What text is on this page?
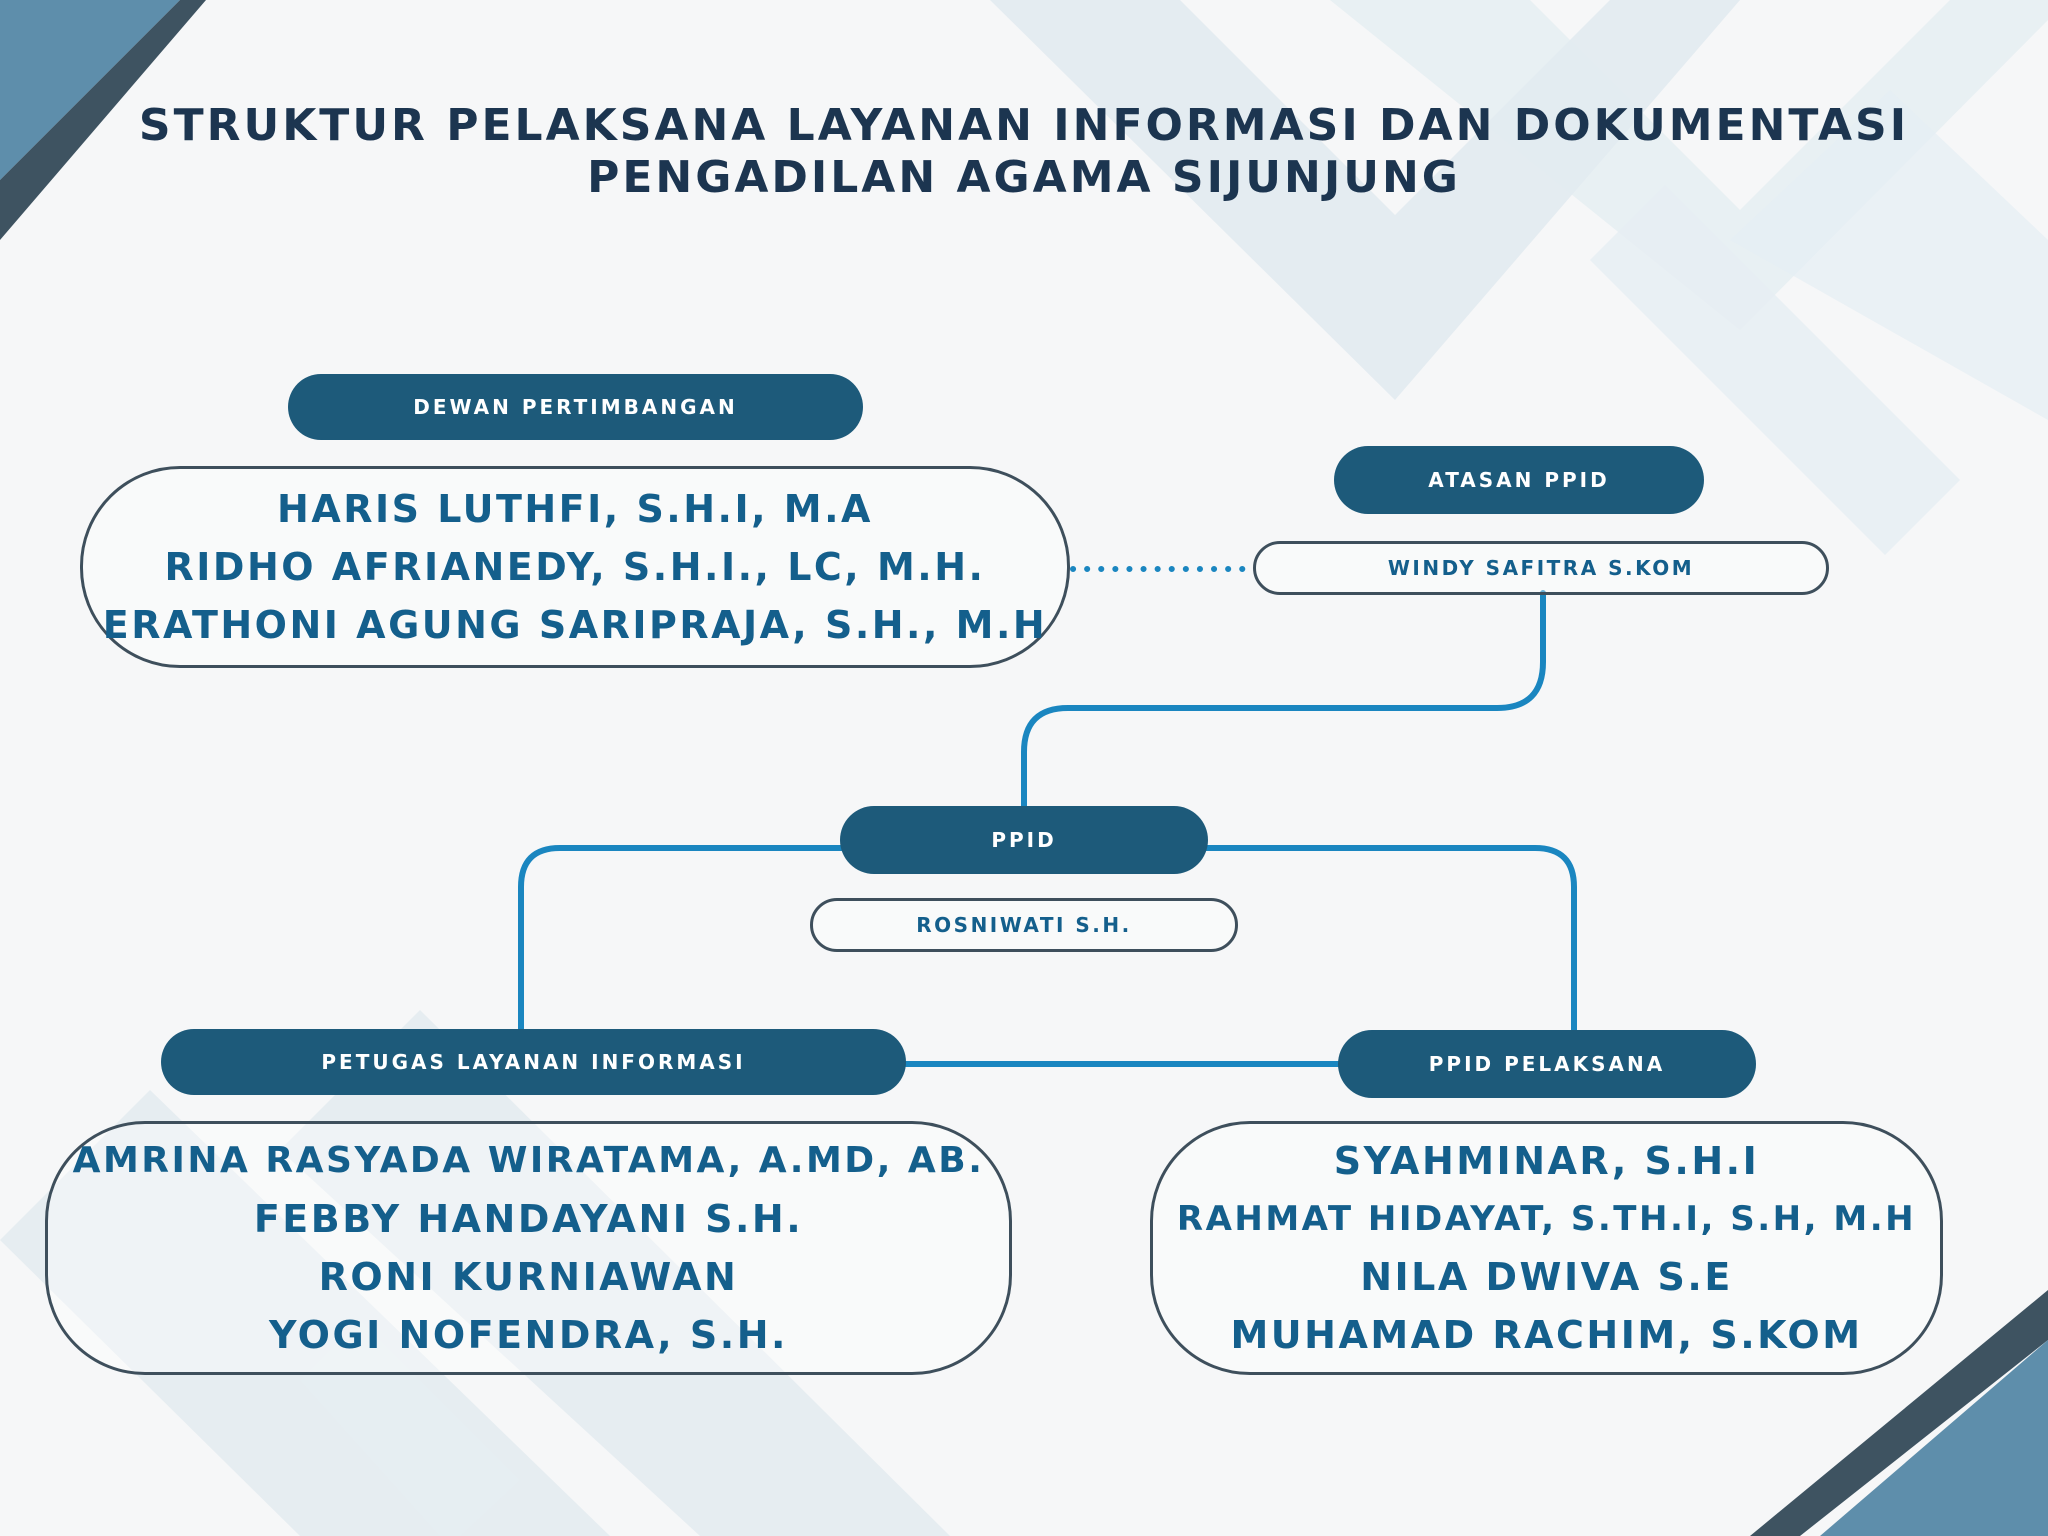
STRUKTUR PELAKSANA LAYANAN INFORMASI DAN DOKUMENTASI
PENGADILAN AGAMA SIJUNJUNG
DEWAN PERTIMBANGAN
HARIS LUTHFI, S.H.I, M.A
RIDHO AFRIANEDY, S.H.I., LC, M.H.
ERATHONI AGUNG SARIPRAJA, S.H., M.H
ATASAN PPID
WINDY SAFITRA S.KOM
PPID
ROSNIWATI S.H.
PETUGAS LAYANAN INFORMASI
AMRINA RASYADA WIRATAMA, A.MD, AB.
FEBBY HANDAYANI S.H.
RONI KURNIAWAN
YOGI NOFENDRA, S.H.
PPID PELAKSANA
SYAHMINAR, S.H.I
RAHMAT HIDAYAT, S.TH.I, S.H, M.H
NILA DWIVA S.E
MUHAMAD RACHIM, S.KOM
